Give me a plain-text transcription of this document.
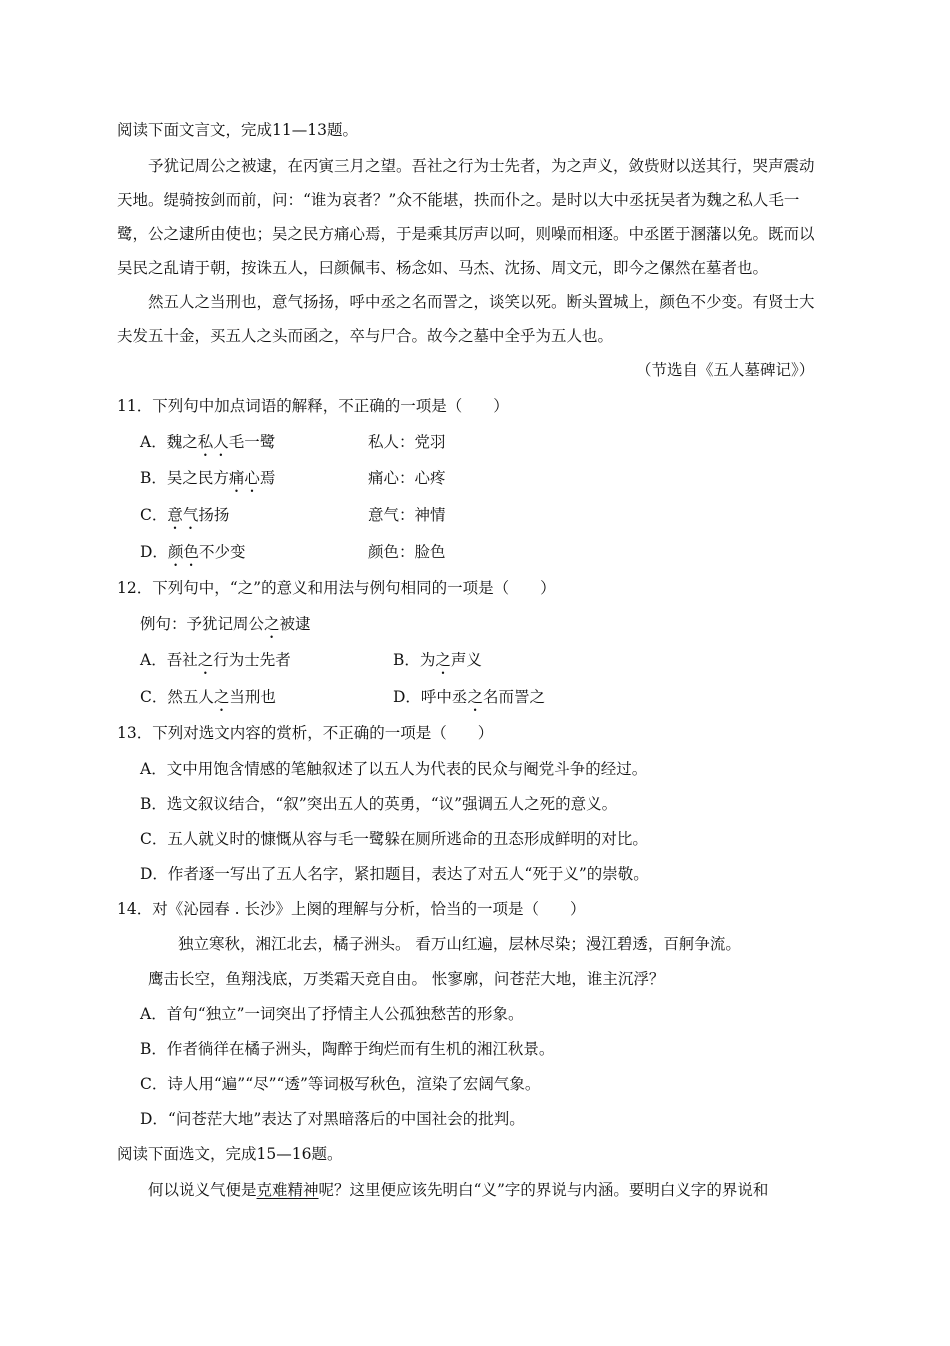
阅读下面文言文，完成11—13题。
予犹记周公之被逮，在丙寅三月之望。吾社之行为士先者，为之声义，敛赀财以送其行，哭声震动
天地。缇骑按剑而前，问：“谁为哀者？”众不能堪，抶而仆之。是时以大中丞抚吴者为魏之私人毛一
鹭，公之逮所由使也；吴之民方痛心焉，于是乘其厉声以呵，则噪而相逐。中丞匿于溷藩以免。既而以
吴民之乱请于朝，按诛五人，曰颜佩韦、杨念如、马杰、沈扬、周文元，即今之傫然在墓者也。
然五人之当刑也，意气扬扬，呼中丞之名而詈之，谈笑以死。断头置城上，颜色不少变。有贤士大
夫发五十金，买五人之头而函之，卒与尸合。故今之墓中全乎为五人也。
（节选自《五人墓碑记》）
11．下列句中加点词语的解释，不正确的一项是（　　）
A．魏之私人毛一鹭	私人：党羽
B．吴之民方痛心焉	痛心：心疼
C．意气扬扬	意气：神情
D．颜色不少变	颜色：脸色
12．下列句中，“之”的意义和用法与例句相同的一项是（　　）
例句：予犹记周公之被逮
A．吾社之行为士先者	B．为之声义
C．然五人之当刑也	D．呼中丞之名而詈之
13．下列对选文内容的赏析，不正确的一项是（　　）
A．文中用饱含情感的笔触叙述了以五人为代表的民众与阉党斗争的经过。
B．选文叙议结合，“叙”突出五人的英勇，“议”强调五人之死的意义。
C．五人就义时的慷慨从容与毛一鹭躲在厕所逃命的丑态形成鲜明的对比。
D．作者逐一写出了五人名字，紧扣题目，表达了对五人“死于义”的崇敬。
14．对《沁园春 . 长沙》上阕的理解与分析，恰当的一项是（　　）
独立寒秋，湘江北去，橘子洲头。 看万山红遍，层林尽染；漫江碧透，百舸争流。
鹰击长空，鱼翔浅底，万类霜天竞自由。 怅寥廓，问苍茫大地，谁主沉浮？
A．首句“独立”一词突出了抒情主人公孤独愁苦的形象。
B．作者徜徉在橘子洲头，陶醉于绚烂而有生机的湘江秋景。
C．诗人用“遍”“尽”“透”等词极写秋色，渲染了宏阔气象。
D．“问苍茫大地”表达了对黑暗落后的中国社会的批判。
阅读下面选文，完成15—16题。
何以说义气便是克难精神呢？这里便应该先明白“义”字的界说与内涵。要明白义字的界说和
